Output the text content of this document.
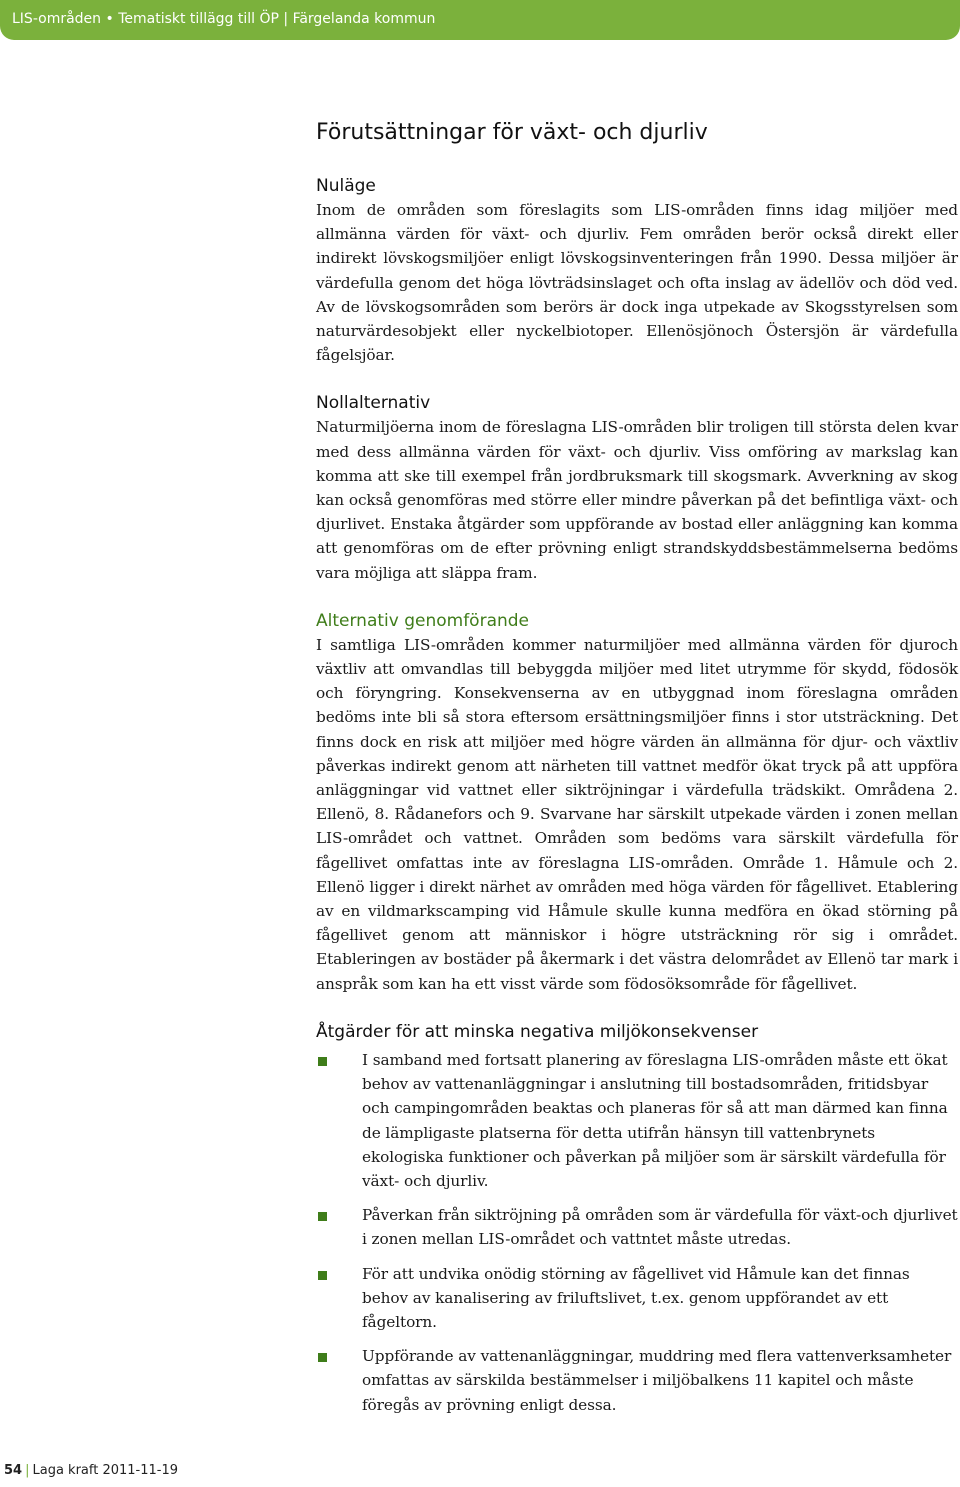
LIS-områden • Tematiskt tillägg till ÖP | Färgelanda kommun
Förutsättningar för växt- och djurliv
Nuläge

Inom de områden som föreslagits som LIS-områden finns idag miljöer med allmänna värden för växt- och djurliv. Fem områden berör också direkt eller indirekt lövskogsmiljöer enligt lövskogsinventeringen från 1990. Dessa miljöer är värdefulla genom det höga lövträdsinslaget och ofta inslag av ädellöv och död ved. Av de lövskogsområden som berörs är dock inga utpekade av Skogsstyrelsen som naturvärdesobjekt eller nyckelbiotoper. Ellenösjönoch Östersjön är värdefulla fågelsjöar.

Nollalternativ

Naturmiljöerna inom de föreslagna LIS-områden blir troligen till största delen kvar med dess allmänna värden för växt- och djurliv. Viss omföring av markslag kan komma att ske till exempel från jordbruksmark till skogsmark. Avverkning av skog kan också genomföras med större eller mindre påverkan på det befintliga växt- och djurlivet. Enstaka åtgärder som uppförande av bostad eller anläggning kan komma att genomföras om de efter prövning enligt strandskyddsbestämmelserna bedöms vara möjliga att släppa fram.

Alternativ genomförande

I samtliga LIS-områden kommer naturmiljöer med allmänna värden för djuroch växtliv att omvandlas till bebyggda miljöer med litet utrymme för skydd, födosök och föryngring. Konsekvenserna av en utbyggnad inom föreslagna områden bedöms inte bli så stora eftersom ersättningsmiljöer finns i stor utsträckning. Det finns dock en risk att miljöer med högre värden än allmänna för djur- och växtliv påverkas indirekt genom att närheten till vattnet medför ökat tryck på att uppföra anläggningar vid vattnet eller siktröjningar i värdefulla trädskikt. Områdena 2. Ellenö, 8. Rådanefors och 9. Svarvane har särskilt utpekade värden i zonen mellan LIS-området och vattnet. Områden som bedöms vara särskilt värdefulla för fågellivet omfattas inte av föreslagna LIS-områden. Område 1. Håmule och 2. Ellenö ligger i direkt närhet av områden med höga värden för fågellivet. Etablering av en vildmarkscamping vid Håmule skulle kunna medföra en ökad störning på fågellivet genom att människor i högre utsträckning rör sig i området. Etableringen av bostäder på åkermark i det västra delområdet av Ellenö tar mark i anspråk som kan ha ett visst värde som födosöksområde för fågellivet.

Åtgärder för att minska negativa miljökonsekvenser
I samband med fortsatt planering av föreslagna LIS-områden måste ett ökat behov av vattenanläggningar i anslutning till bostadsområden, fritidsbyar och campingområden beaktas och planeras för så att man därmed kan finna de lämpligaste platserna för detta utifrån hänsyn till vattenbrynets ekologiska funktioner och påverkan på miljöer som är särskilt värdefulla för växt- och djurliv.
Påverkan från siktröjning på områden som är värdefulla för växt-och djurlivet i zonen mellan LIS-området och vattntet måste utredas.
För att undvika onödig störning av fågellivet vid Håmule kan det finnas behov av kanalisering av friluftslivet, t.ex. genom uppförandet av ett fågeltorn.
Uppförande av vattenanläggningar, muddring med flera vattenverksamheter omfattas av särskilda bestämmelser i miljöbalkens 11 kapitel och måste föregås av prövning enligt dessa.
54 | Laga kraft 2011-11-19
